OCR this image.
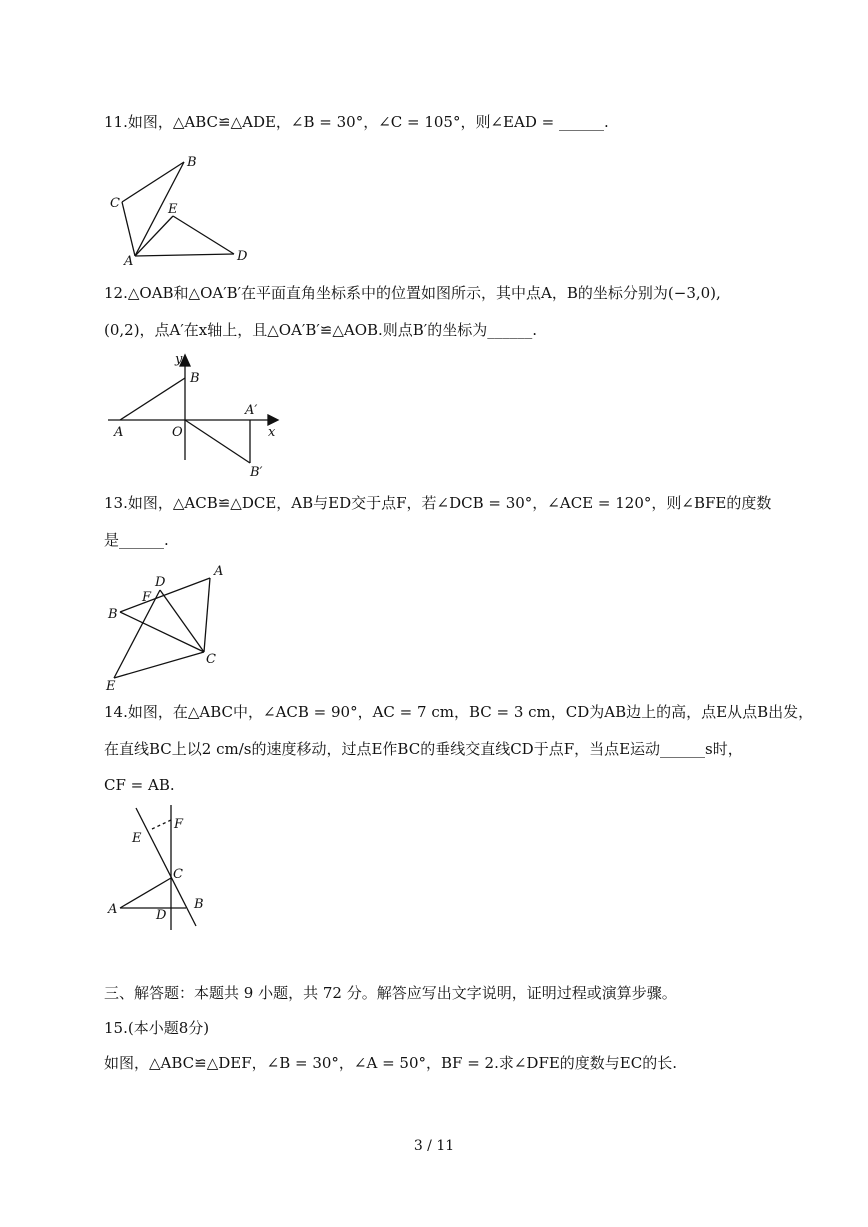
11.如图，△ABC≌△ADE，∠B = 30°，∠C = 105°，则∠EAD = ______.
A
B
C
D
E
12.△OAB和△OA′B′在平面直角坐标系中的位置如图所示，其中点A，B的坐标分别为(−3,0),
(0,2)，点A′在x轴上，且△OA′B′≌△AOB.则点B′的坐标为______.
y
B
A	O
A′
x
B′
13.如图，△ACB≌△DCE，AB与ED交于点F，若∠DCB = 30°，∠ACE = 120°，则∠BFE的度数
是______.
A
B
C
D
E
F
14.如图，在△ABC中，∠ACB = 90°，AC = 7 cm，BC = 3 cm，CD为AB边上的高，点E从点B出发，
在直线BC上以2 cm/s的速度移动，过点E作BC的垂线交直线CD于点F，当点E运动______s时，
CF = AB.
A	B
C
D
E
F
三、解答题：本题共 9 小题，共 72 分。解答应写出文字说明，证明过程或演算步骤。
15.(本小题8分)
如图，△ABC≌△DEF，∠B = 30°，∠A = 50°，BF = 2.求∠DFE的度数与EC的长.
3 / 11
